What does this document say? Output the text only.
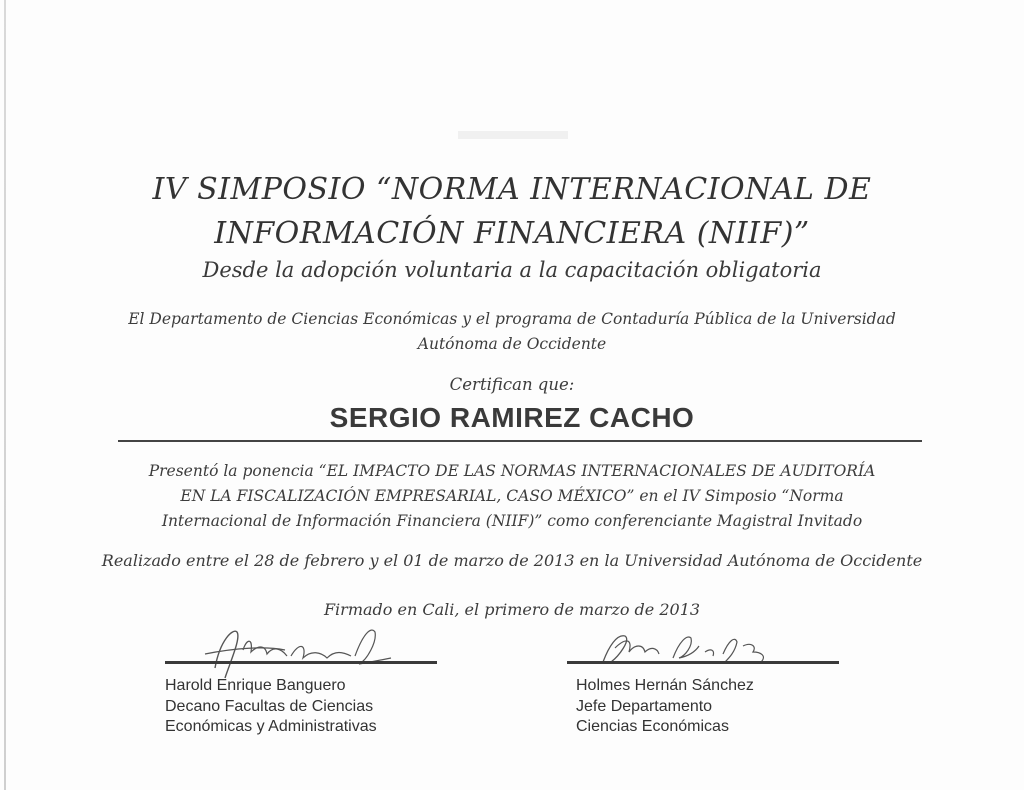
IV SIMPOSIO “NORMA INTERNACIONAL DE
INFORMACIÓN FINANCIERA (NIIF)”
Desde la adopción voluntaria a la capacitación obligatoria
El Departamento de Ciencias Económicas y el programa de Contaduría Pública de la Universidad
Autónoma de Occidente
Certifican que:
SERGIO RAMIREZ CACHO
Presentó la ponencia “EL IMPACTO DE LAS NORMAS INTERNACIONALES DE AUDITORÍA
EN LA FISCALIZACIÓN EMPRESARIAL, CASO MÉXICO” en el IV Simposio “Norma
Internacional de Información Financiera (NIIF)” como conferenciante Magistral Invitado
Realizado entre el 28 de febrero y el 01 de marzo de 2013 en la Universidad Autónoma de Occidente
Firmado en Cali, el primero de marzo de 2013
Harold Enrique Banguero
Decano Facultas de Ciencias
Económicas y Administrativas
Holmes Hernán Sánchez
Jefe Departamento
Ciencias Económicas
